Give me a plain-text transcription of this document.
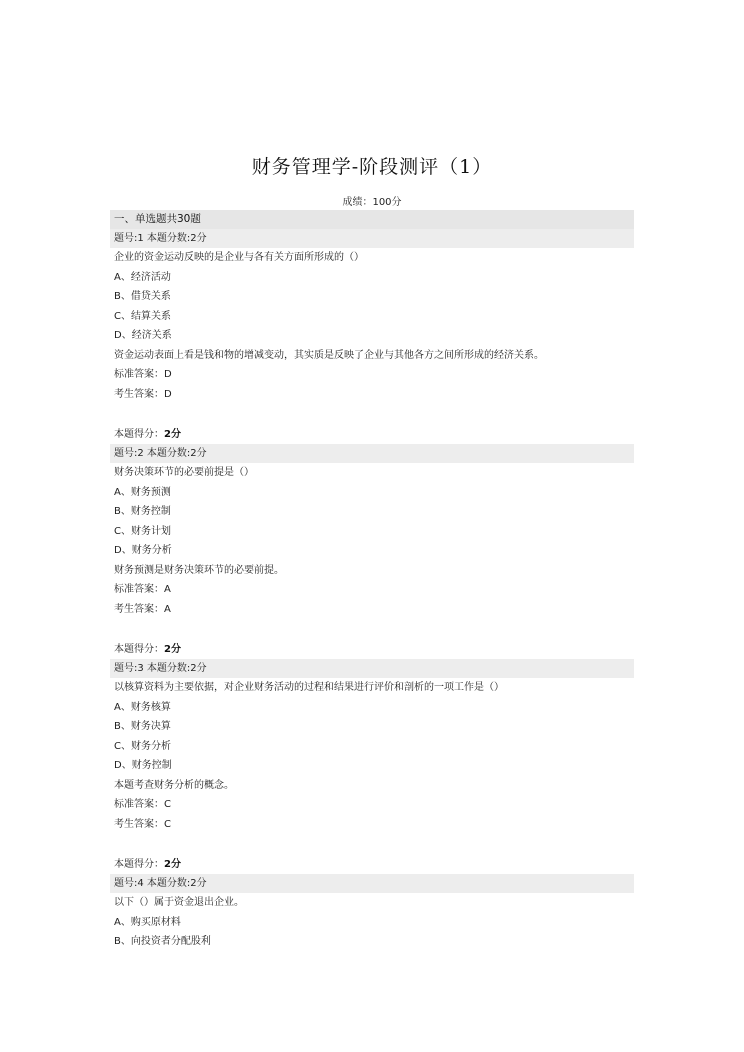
财务管理学-阶段测评（1）
成绩：100分
一、单选题共30题
题号:1 本题分数:2分
企业的资金运动反映的是企业与各有关方面所形成的（）
A、经济活动
B、借贷关系
C、结算关系
D、经济关系
资金运动表面上看是钱和物的增减变动，其实质是反映了企业与其他各方之间所形成的经济关系。
标准答案：D
考生答案：D
本题得分：2分
题号:2 本题分数:2分
财务决策环节的必要前提是（）
A、财务预测
B、财务控制
C、财务计划
D、财务分析
财务预测是财务决策环节的必要前提。
标准答案：A
考生答案：A
本题得分：2分
题号:3 本题分数:2分
以核算资料为主要依据，对企业财务活动的过程和结果进行评价和剖析的一项工作是（）
A、财务核算
B、财务决算
C、财务分析
D、财务控制
本题考查财务分析的概念。
标准答案：C
考生答案：C
本题得分：2分
题号:4 本题分数:2分
以下（）属于资金退出企业。
A、购买原材料
B、向投资者分配股利
